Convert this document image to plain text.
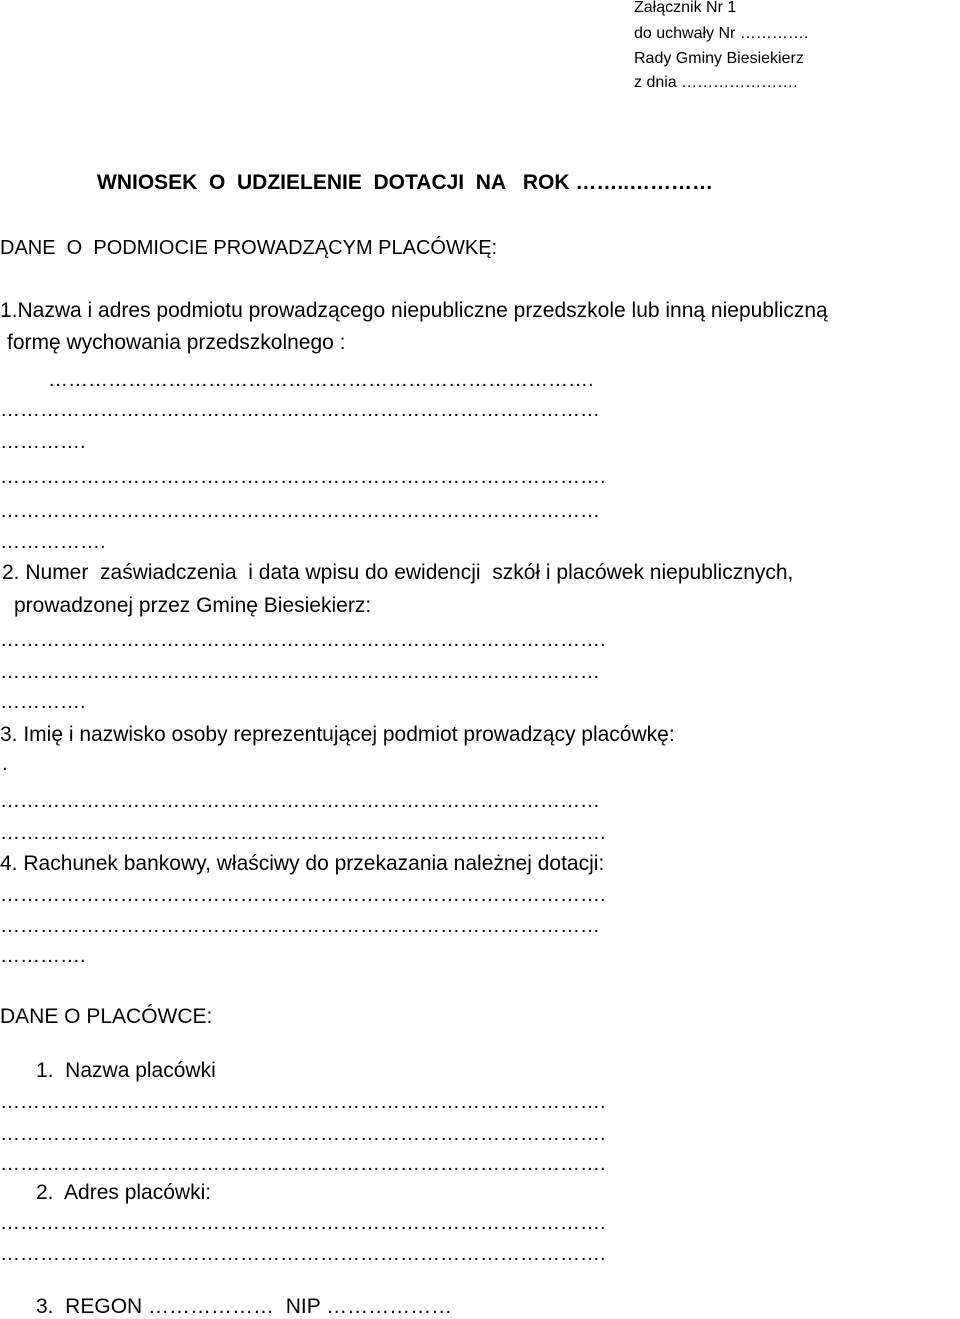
Załącznik Nr 1
do uchwały Nr ………….
Rady Gminy Biesiekierz
z dnia ………………….
WNIOSEK  O  UDZIELENIE  DOTACJI  NA   ROK ……..…………
DANE  O  PODMIOCIE PROWADZĄCYM PLACÓWKĘ:
1.Nazwa i adres podmiotu prowadzącego niepubliczne przedszkole lub inną niepubliczną
formę wychowania przedszkolnego :
……………………………………………………………………….
………………………………………………………………………………
………….
……………………………………………………………………………….
………………………………………………………………………………
…………….
2. Numer  zaświadczenia  i data wpisu do ewidencji  szkół i placówek niepublicznych,
prowadzonej przez Gminę Biesiekierz:
……………………………………………………………………………….
………………………………………………………………………………
………….
3. Imię i nazwisko osoby reprezentującej podmiot prowadzący placówkę:
.
………………………………………………………………………………
……………………………………………………………………………….
4. Rachunek bankowy, właściwy do przekazania należnej dotacji:
……………………………………………………………………………….
………………………………………………………………………………
………….
DANE O PLACÓWCE:
1.  Nazwa placówki
……………………………………………………………………………….
……………………………………………………………………………….
……………………………………………………………………………….
2.  Adres placówki:
……………………………………………………………………………….
……………………………………………………………………………….
3.  REGON ………………  NIP ………………
